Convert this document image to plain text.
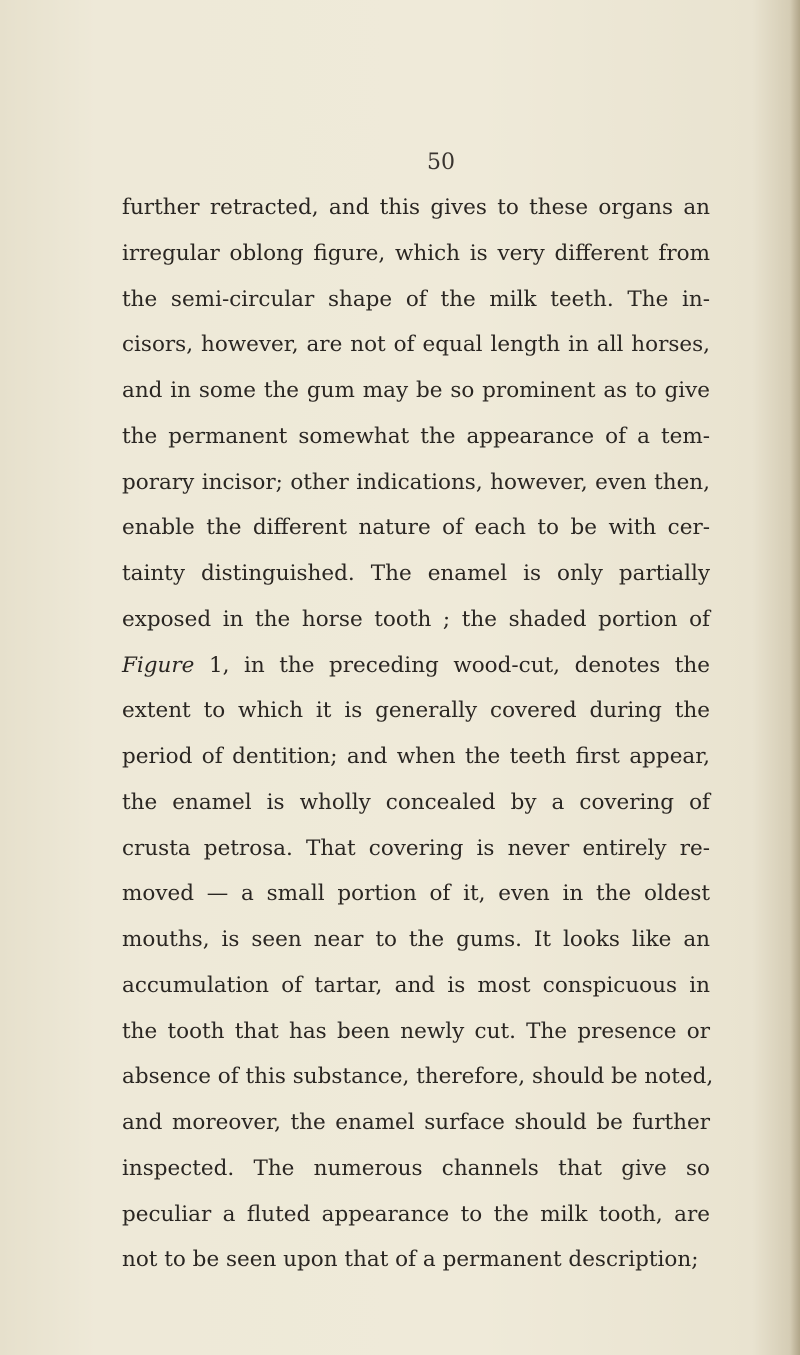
50
further retracted, and this gives to these organs an
irregular oblong figure, which is very different from
the semi-circular shape of the milk teeth. The in-
cisors, however, are not of equal length in all horses,
and in some the gum may be so prominent as to give
the permanent somewhat the appearance of a tem-
porary incisor; other indications, however, even then,
enable the different nature of each to be with cer-
tainty distinguished. The enamel is only partially
exposed in the horse tooth ; the shaded portion of
Figure 1, in the preceding wood-cut, denotes the
extent to which it is generally covered during the
period of dentition; and when the teeth first appear,
the enamel is wholly concealed by a covering of
crusta petrosa. That covering is never entirely re-
moved — a small portion of it, even in the oldest
mouths, is seen near to the gums. It looks like an
accumulation of tartar, and is most conspicuous in
the tooth that has been newly cut. The presence or
absence of this substance, therefore, should be noted,
and moreover, the enamel surface should be further
inspected. The numerous channels that give so
peculiar a fluted appearance to the milk tooth, are
not to be seen upon that of a permanent description;
